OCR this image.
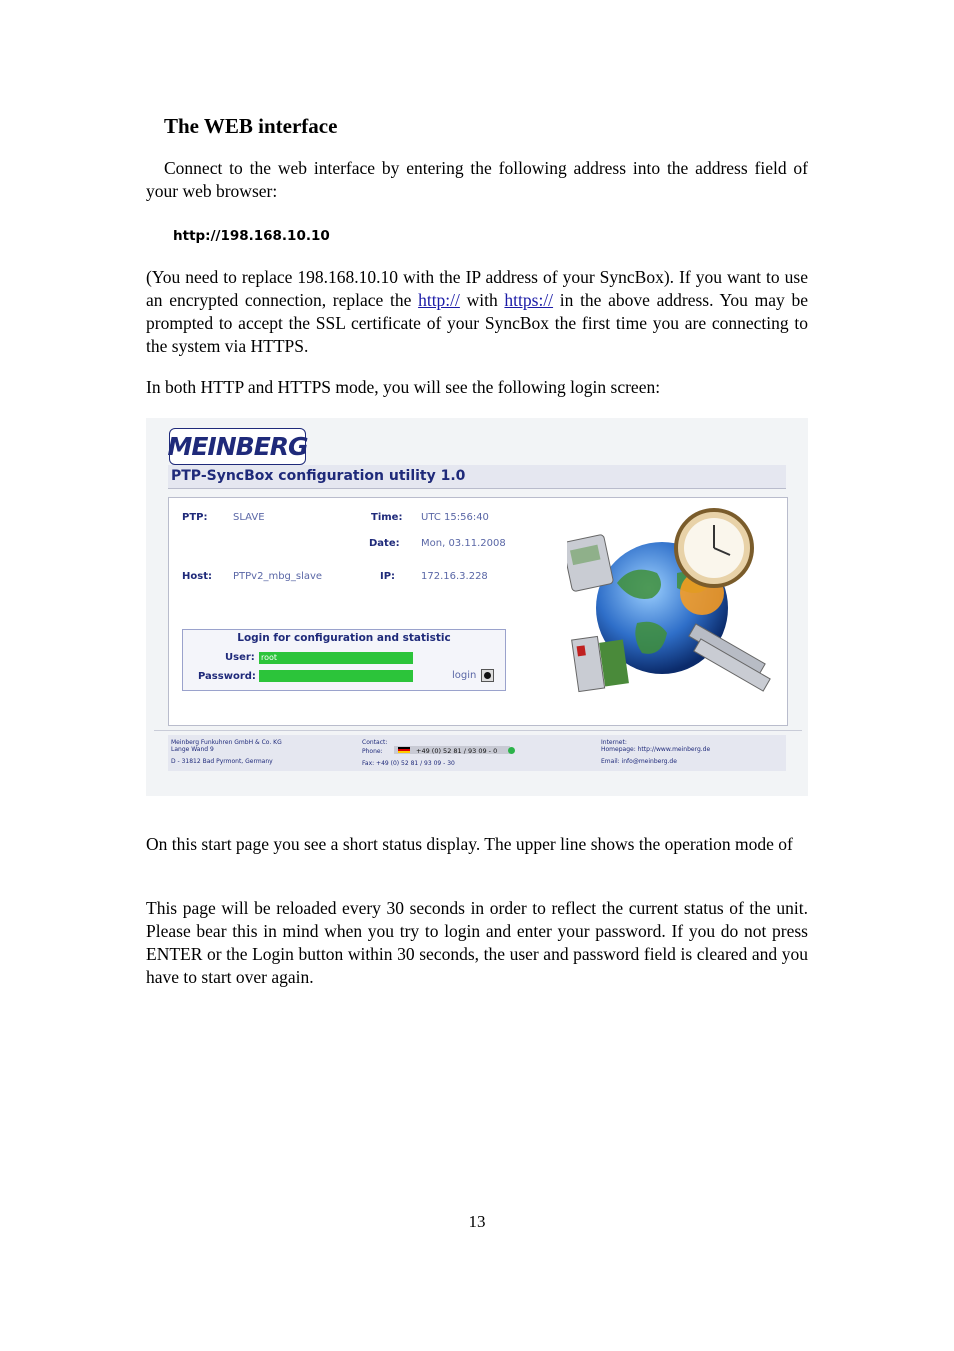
The WEB interface

Connect to the web interface by entering the following address into the address field of your web browser:

http://198.168.10.10

(You need to replace 198.168.10.10 with the IP address of your SyncBox). If you want to use an encrypted connection, replace the http:// with https:// in the above address. You may be prompted to accept the SSL certificate of your SyncBox the first time you are connecting to the system via HTTPS.

In both HTTP and HTTPS mode, you will see the following login screen:

MEINBERG
PTP-SyncBox configuration utility 1.0
PTP:	SLAVE	Time: UTC 15:56:40
Date: Mon, 03.11.2008
Host: PTPv2_mbg_slave	IP:	172.16.3.228
Login for configuration and statistic
User:
root
Password:	login
Meinberg Funkuhren GmbH & Co. KG
Lange Wand 9
D - 31812 Bad Pyrmont, Germany
Contact:
Phone:	+49 (0) 52 81 / 93 09 - 0
Fax: +49 (0) 52 81 / 93 09 - 30
Internet:
Homepage: http://www.meinberg.de
Email: info@meinberg.de

On this start page you see a short status display. The upper line shows the operation mode of

This page will be reloaded every 30 seconds in order to reflect the current status of the unit. Please bear this in mind when you try to login and enter your password. If you do not press ENTER or the Login button within 30 seconds, the user and password field is cleared and you have to start over again.

13
